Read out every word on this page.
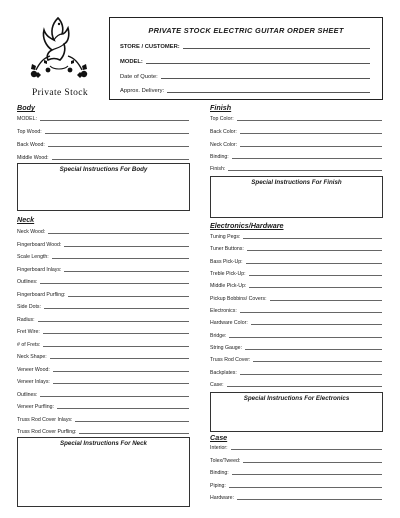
Private Stock
PRIVATE STOCK ELECTRIC GUITAR ORDER SHEET
STORE / CUSTOMER:
MODEL:
Date of Quote:
Approx. Delivery:
Body
MODEL:
Top Wood:
Back Wood:
Middle Wood:
Special Instructions For Body
Finish
Top Color:
Back Color:
Neck Color:
Binding:
Finish:
Special Instructions For Finish
Neck
Neck Wood:
Fingerboard Wood:
Scale Length:
Fingerboard Inlays:
Outlines:
Fingerboard Purfling:
Side Dots:
Radius:
Fret Wire:
# of Frets:
Neck Shape:
Veneer Wood:
Veneer Inlays:
Outlines:
Veneer Purfling:
Truss Rod Cover Inlays:
Truss Rod Cover Purfling:
Special Instructions For Neck
Electronics/Hardware
Tuning Pegs:
Tuner Buttons:
Bass Pick-Up:
Treble Pick-Up:
Middle Pick-Up:
Pickup Bobbins/ Covers:
Electronics:
Hardware Color:
Bridge:
String Gauge:
Truss Rod Cover:
Backplates:
Case:
Special Instructions For Electronics
Case
Interior:
Tolex/Tweed:
Binding:
Piping:
Hardware:
